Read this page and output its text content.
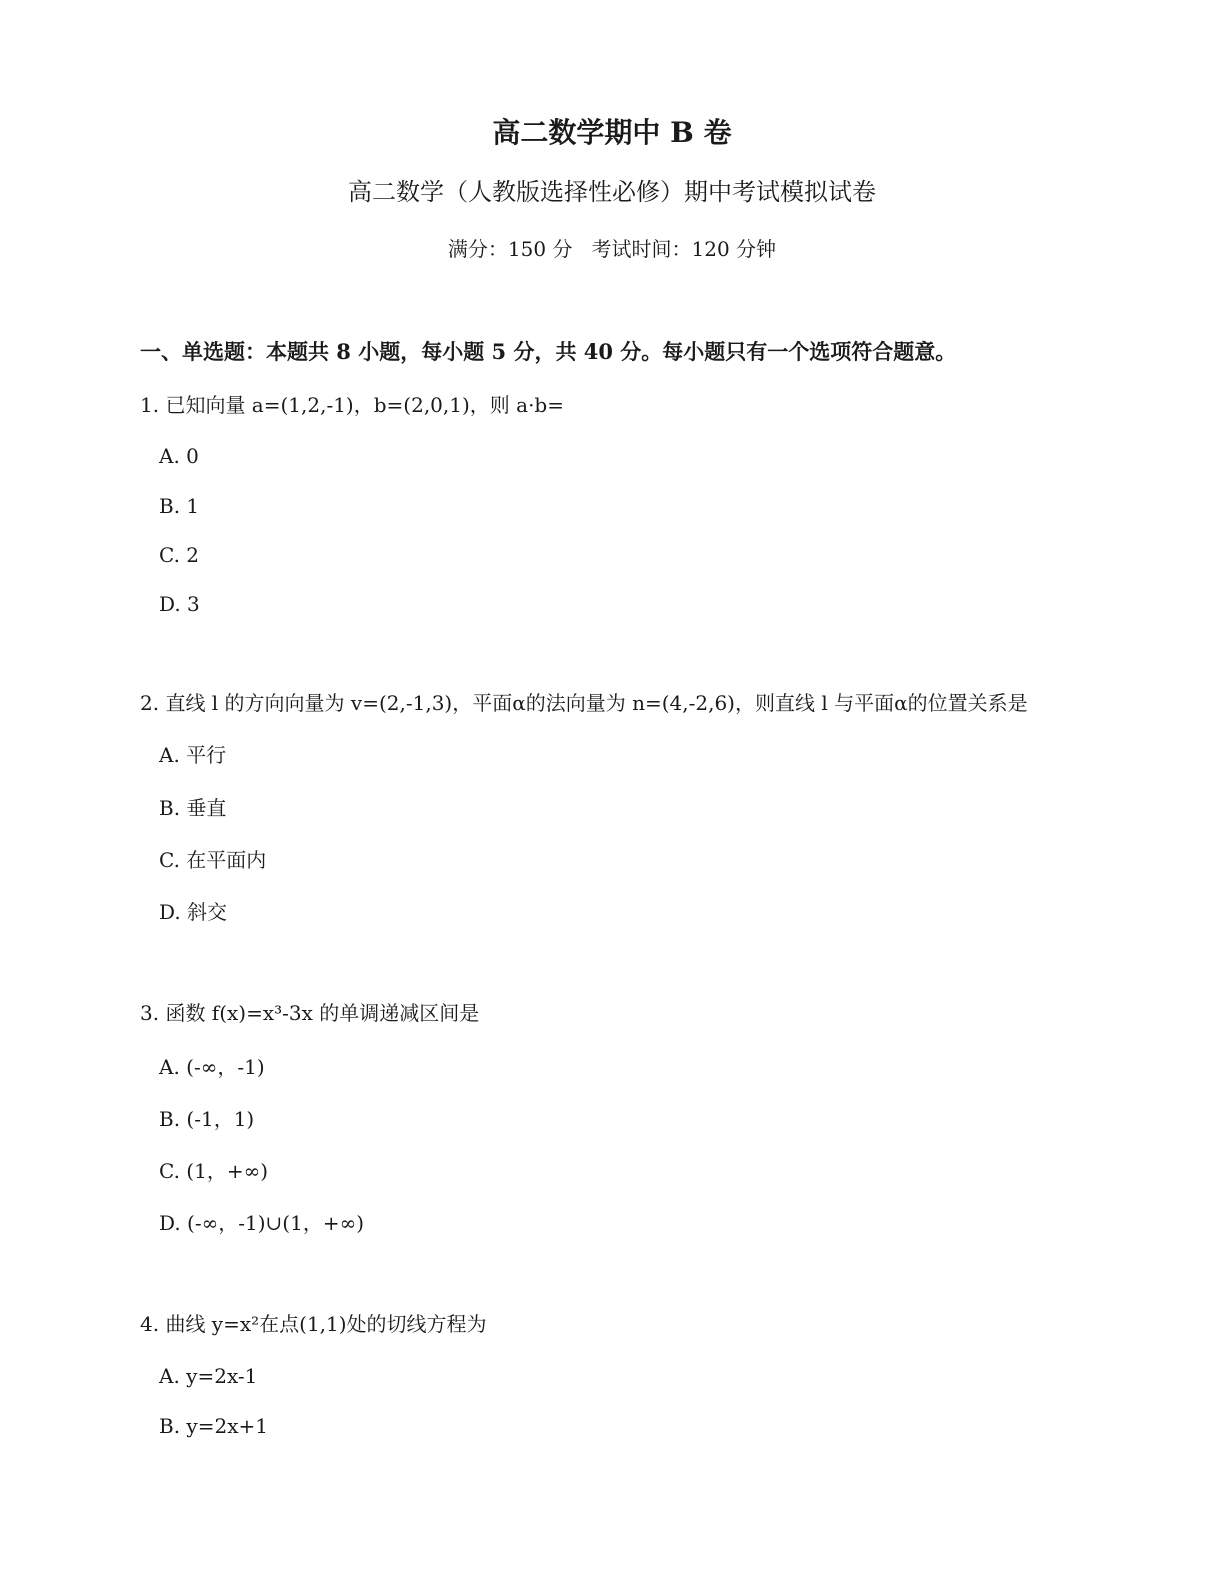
高二数学期中 B 卷
高二数学（人教版选择性必修）期中考试模拟试卷
满分：150 分   考试时间：120 分钟
一、单选题：本题共 8 小题，每小题 5 分，共 40 分。每小题只有一个选项符合题意。
1. 已知向量 a=(1,2,-1)，b=(2,0,1)，则 a·b=
A. 0
B. 1
C. 2
D. 3
2. 直线 l 的方向向量为 v=(2,-1,3)，平面α的法向量为 n=(4,-2,6)，则直线 l 与平面α的位置关系是
A. 平行
B. 垂直
C. 在平面内
D. 斜交
3. 函数 f(x)=x³-3x 的单调递减区间是
A. (-∞，-1)
B. (-1，1)
C. (1，+∞)
D. (-∞，-1)∪(1，+∞)
4. 曲线 y=x²在点(1,1)处的切线方程为
A. y=2x-1
B. y=2x+1
